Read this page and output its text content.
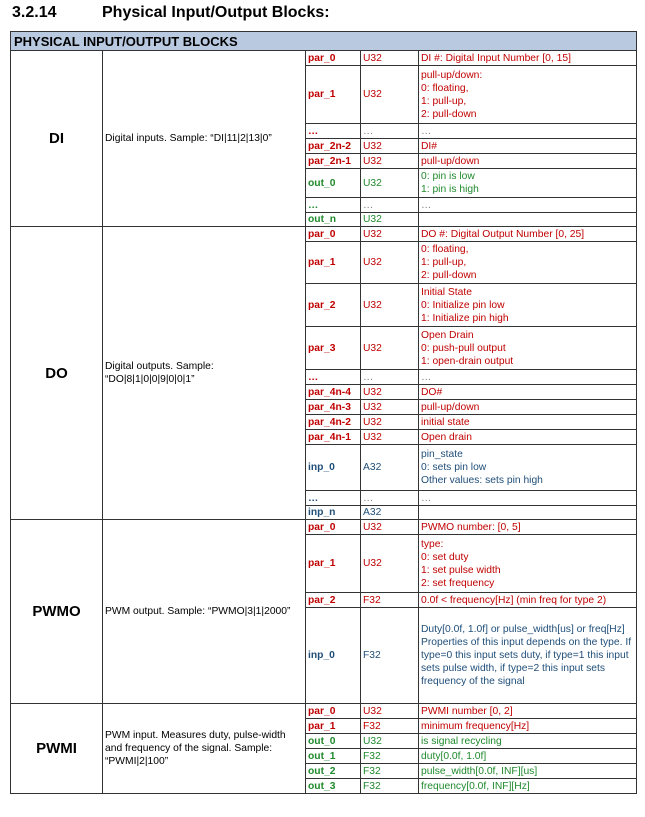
3.2.14	Physical Input/Output Blocks:
PHYSICAL INPUT/OUTPUT BLOCKS				
DI	Digital inputs. Sample: “DI|11|2|13|0”	par_0	U32	DI #: Digital Input Number [0, 15]

		par_1	U32	pull-up/down:
0: floating,
1: pull-up,
2: pull-down

		…	…	…

		par_2n-2	U32	DI#

		par_2n-1	U32	pull-up/down

		out_0	U32	0: pin is low
1: pin is high

		…	…	…

		out_n	U32	

DO	Digital outputs. Sample: “DO|8|1|0|0|9|0|0|1”	par_0	U32	DO #: Digital Output Number [0, 25]

		par_1	U32	0: floating,
1: pull-up,
2: pull-down

		par_2	U32	Initial State
0: Initialize pin low
1: Initialize pin high

		par_3	U32	Open Drain
0: push-pull output
1: open-drain output

		…	…	…

		par_4n-4	U32	DO#

		par_4n-3	U32	pull-up/down

		par_4n-2	U32	initial state

		par_4n-1	U32	Open drain

		inp_0	A32	pin_state
0: sets pin low
Other values: sets pin high

		…	…	…

		inp_n	A32	

PWMO	PWM output. Sample: “PWMO|3|1|2000”	par_0	U32	PWMO number: [0, 5]

		par_1	U32	type:
0: set duty
1: set pulse width
2: set frequency

		par_2	F32	0.0f < frequency[Hz] (min freq for type 2)

		inp_0	F32	Duty[0.0f, 1.0f] or pulse_width[us] or freq[Hz]
Properties of this input depends on the type. If type=0 this input sets duty, if type=1 this input sets pulse width, if type=2 this input sets frequency of the signal

PWMI	PWM input. Measures duty, pulse-width and frequency of the signal. Sample: “PWMI|2|100”	par_0	U32	PWMI number [0, 2]

		par_1	F32	minimum frequency[Hz]

		out_0	U32	is signal recycling

		out_1	F32	duty[0.0f, 1.0f]

		out_2	F32	pulse_width[0.0f, INF][us]

		out_3	F32	frequency[0.0f, INF][Hz]
